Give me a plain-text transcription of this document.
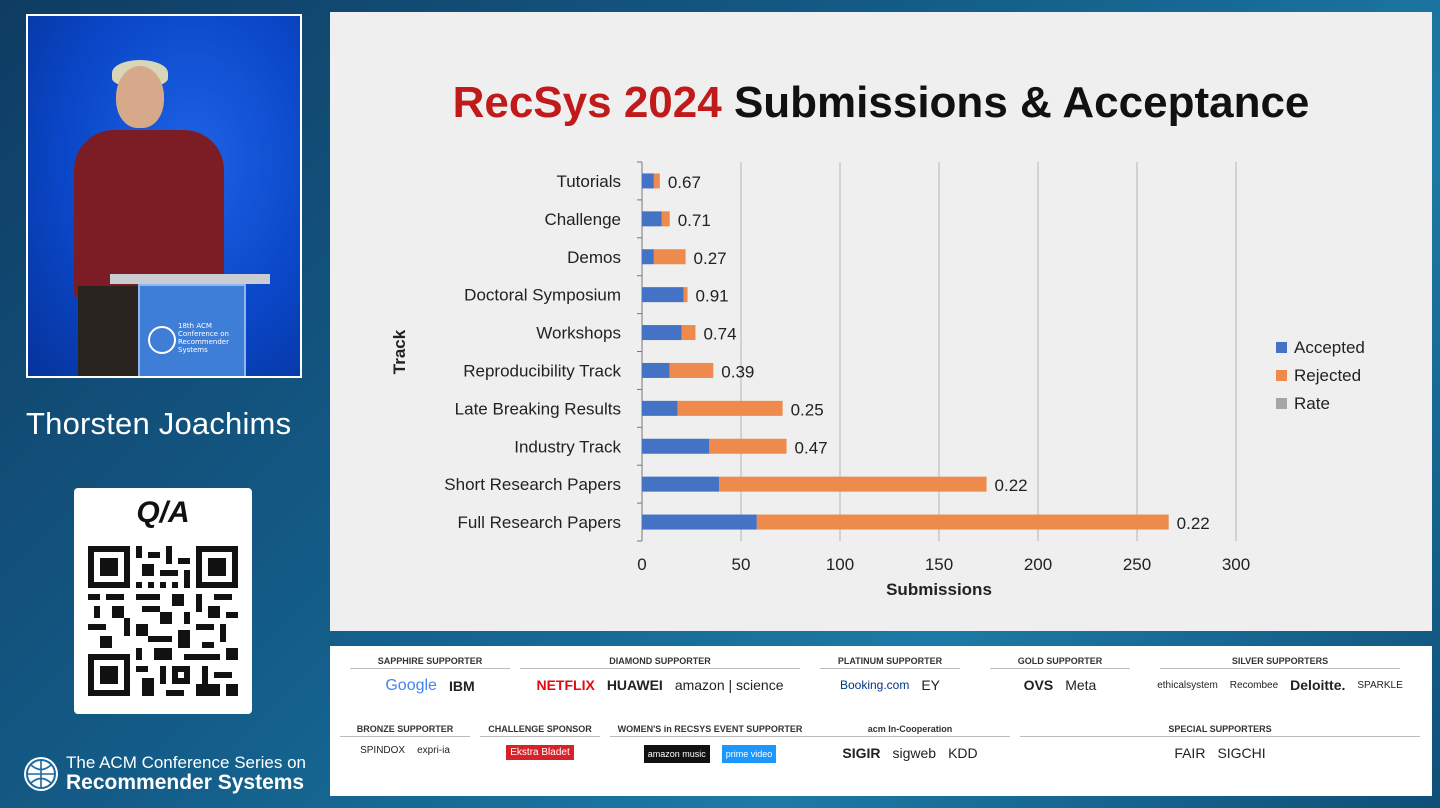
18th ACM Conference on Recommender Systems
Thorsten Joachims
Q/A
The ACM Conference Series on
Recommender Systems
RecSys 2024 Submissions & Acceptance
0	50	100	150	200	250	300
Full Research Papers	0.22
Short Research Papers	0.22
Industry Track	0.47
Late Breaking Results	0.25
Reproducibility Track	0.39
Workshops	0.74
Doctoral Symposium	0.91
Demos	0.27
Challenge	0.71
Tutorials	0.67
Submissions
Track	Accepted
Rejected
Rate
SAPPHIRE SUPPORTER
Google IBM
DIAMOND SUPPORTER
NETFLIX HUAWEI amazon | science
PLATINUM SUPPORTER
Booking.com EY
GOLD SUPPORTER
OVS Meta
SILVER SUPPORTERS
ethicalsystem Recombee Deloitte. SPARKLE
BRONZE SUPPORTER
SPINDOX expri-ia
CHALLENGE SPONSOR
Ekstra Bladet
WOMEN'S in RECSYS EVENT SUPPORTER
amazon music	prime video
acm In-Cooperation
SIGIR sigweb KDD
SPECIAL SUPPORTERS
FAIR SIGCHI
